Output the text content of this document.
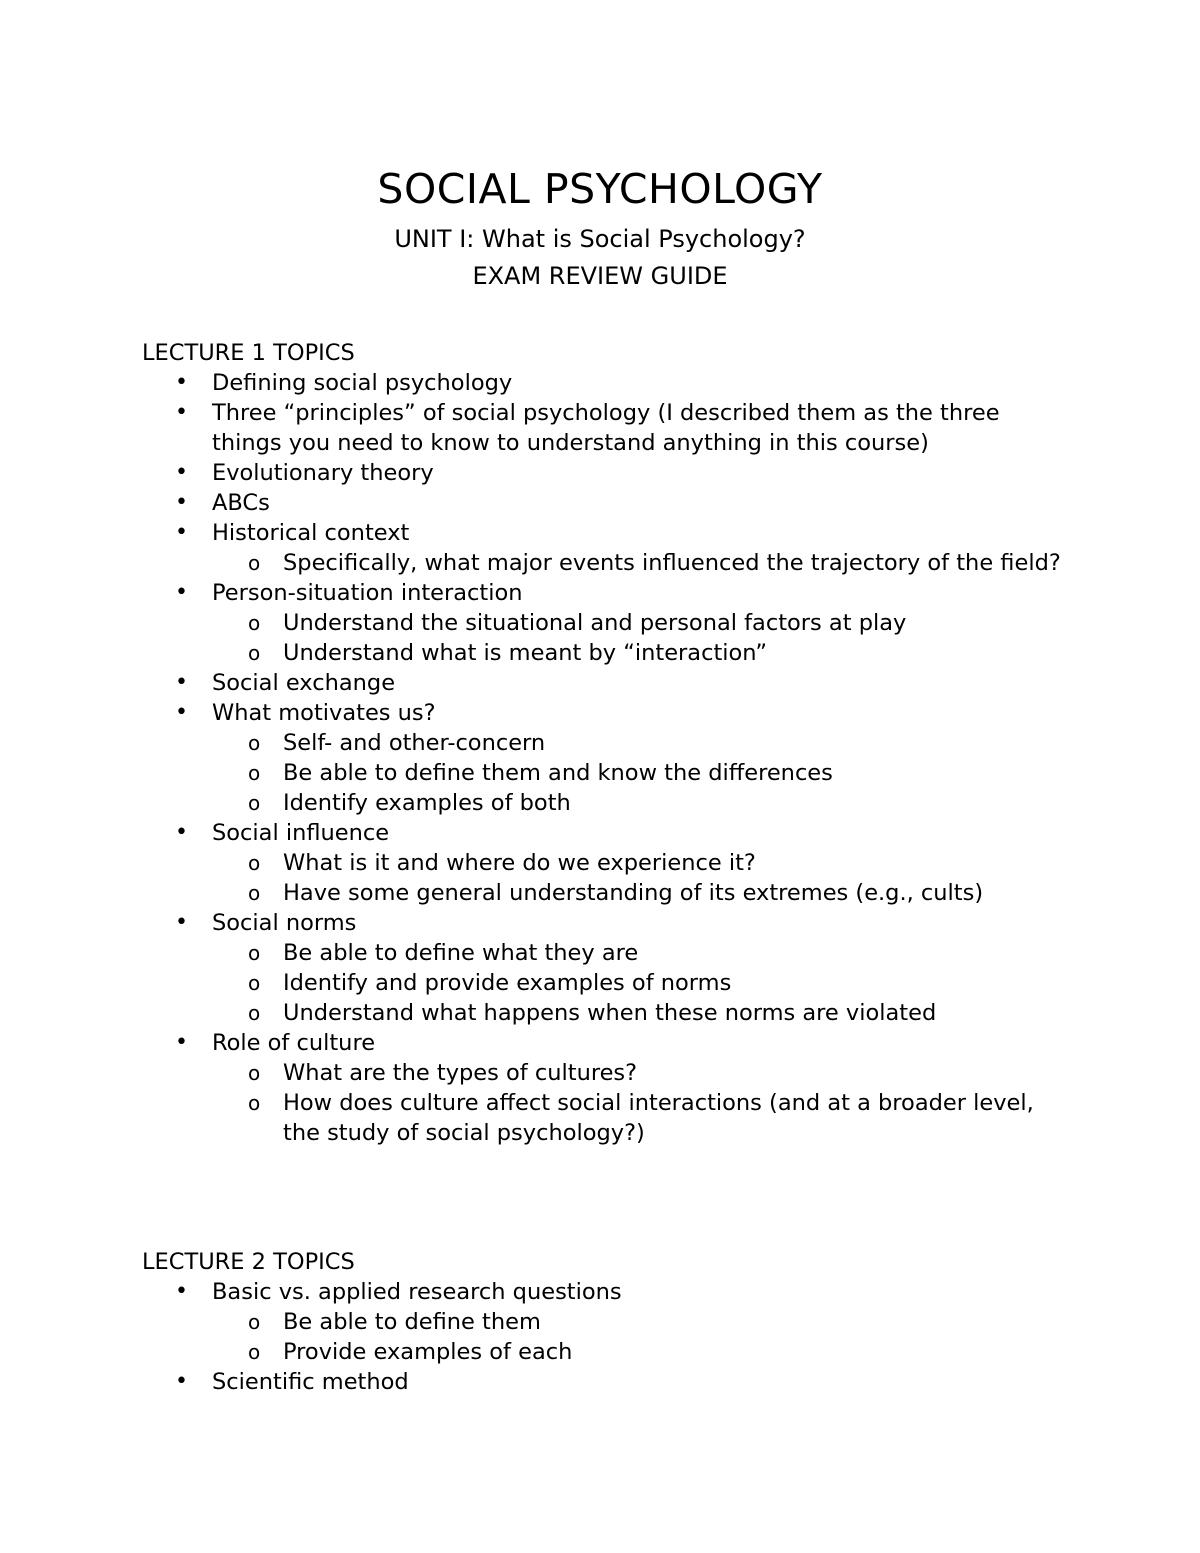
SOCIAL PSYCHOLOGY
UNIT I: What is Social Psychology?
EXAM REVIEW GUIDE
LECTURE 1 TOPICS
•	Defining social psychology
•	Three “principles” of social psychology (I described them as the three things you need to know to understand anything in this course)
•	Evolutionary theory
•	ABCs
•	Historical context
o Specifically, what major events influenced the trajectory of the field?
•	Person-situation interaction
o Understand the situational and personal factors at play
o Understand what is meant by “interaction”
•	Social exchange
•	What motivates us?
o Self- and other-concern
o Be able to define them and know the differences
o Identify examples of both
•	Social influence
o What is it and where do we experience it?
o Have some general understanding of its extremes (e.g., cults)
•	Social norms
o Be able to define what they are
o Identify and provide examples of norms
o Understand what happens when these norms are violated
•	Role of culture
o What are the types of cultures?
o How does culture affect social interactions (and at a broader level, the study of social psychology?)
LECTURE 2 TOPICS
•	Basic vs. applied research questions
o Be able to define them
o Provide examples of each
•	Scientific method
